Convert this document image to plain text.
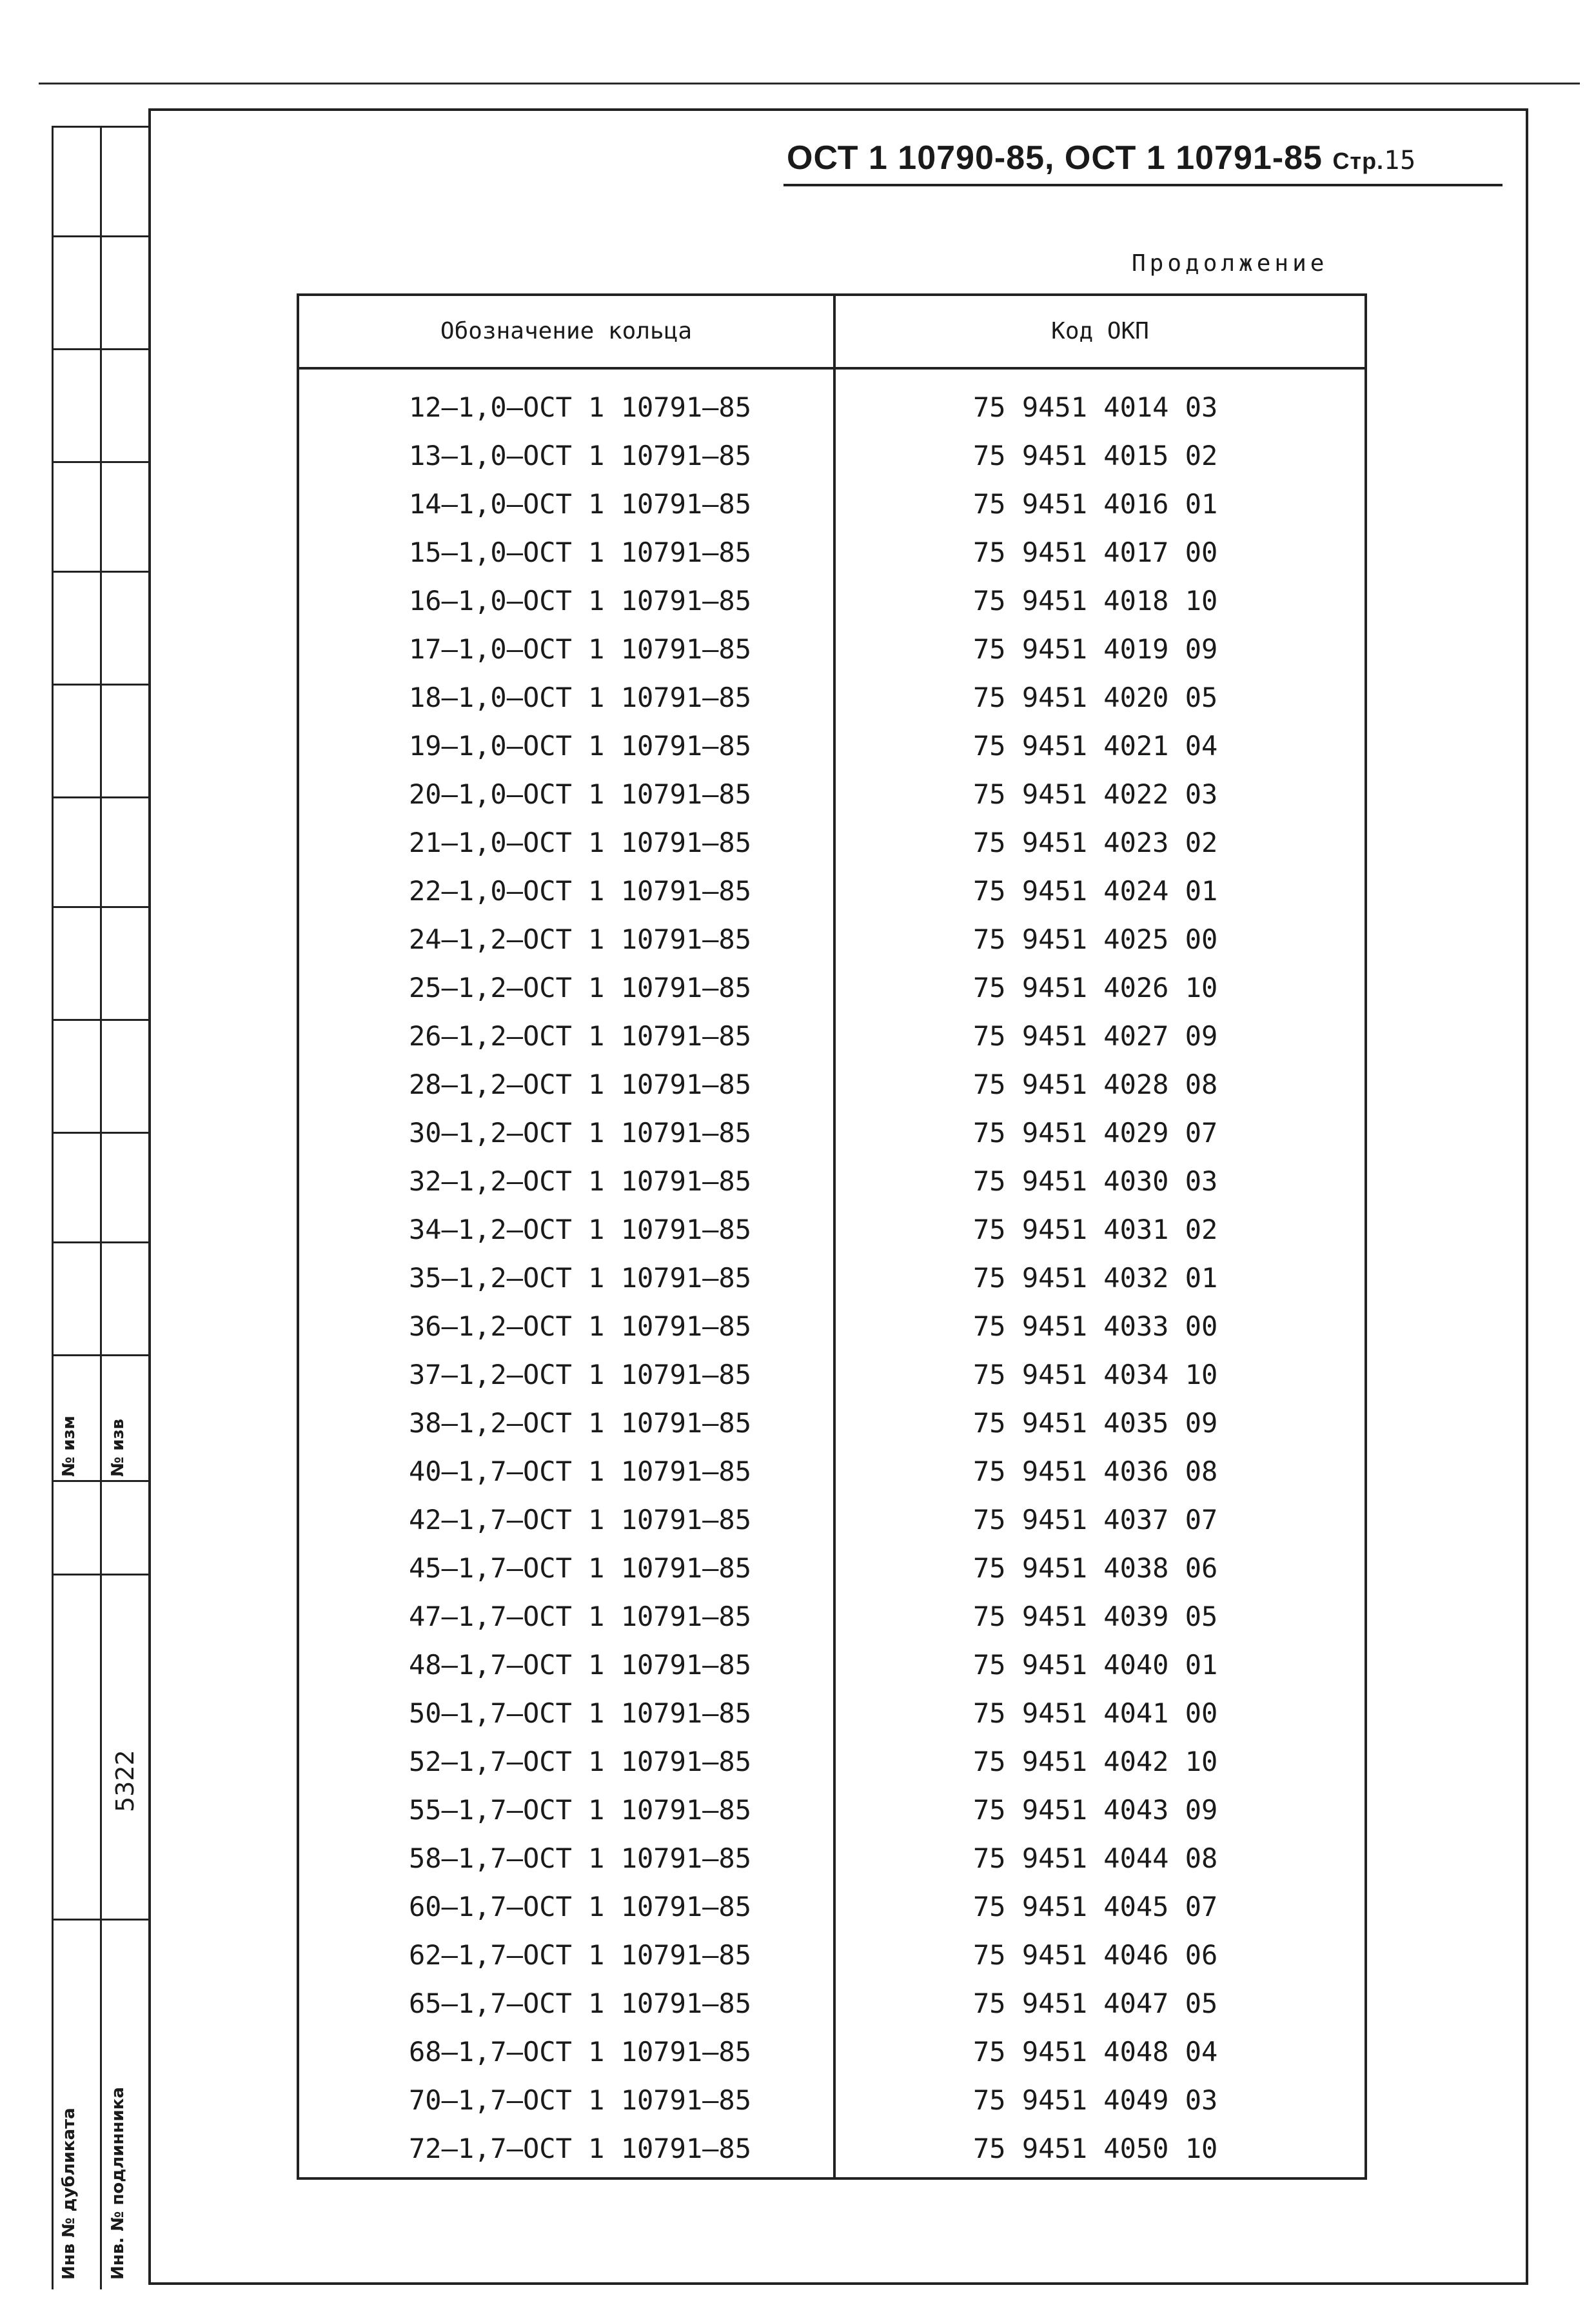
№ изм № изв
5322
Инв № дубликата Инв. № подлинника
ОСТ 1 10790-85, ОСТ 1 10791-85 Стр.15
Продолжение
Обозначение кольца	Код ОКП
12–1,0–ОСТ 1 10791–85	75 9451 4014 03
13–1,0–ОСТ 1 10791–85	75 9451 4015 02
14–1,0–ОСТ 1 10791–85	75 9451 4016 01
15–1,0–ОСТ 1 10791–85	75 9451 4017 00
16–1,0–ОСТ 1 10791–85	75 9451 4018 10
17–1,0–ОСТ 1 10791–85	75 9451 4019 09
18–1,0–ОСТ 1 10791–85	75 9451 4020 05
19–1,0–ОСТ 1 10791–85	75 9451 4021 04
20–1,0–ОСТ 1 10791–85	75 9451 4022 03
21–1,0–ОСТ 1 10791–85	75 9451 4023 02
22–1,0–ОСТ 1 10791–85	75 9451 4024 01
24–1,2–ОСТ 1 10791–85	75 9451 4025 00
25–1,2–ОСТ 1 10791–85	75 9451 4026 10
26–1,2–ОСТ 1 10791–85	75 9451 4027 09
28–1,2–ОСТ 1 10791–85	75 9451 4028 08
30–1,2–ОСТ 1 10791–85	75 9451 4029 07
32–1,2–ОСТ 1 10791–85	75 9451 4030 03
34–1,2–ОСТ 1 10791–85	75 9451 4031 02
35–1,2–ОСТ 1 10791–85	75 9451 4032 01
36–1,2–ОСТ 1 10791–85	75 9451 4033 00
37–1,2–ОСТ 1 10791–85	75 9451 4034 10
38–1,2–ОСТ 1 10791–85	75 9451 4035 09
40–1,7–ОСТ 1 10791–85	75 9451 4036 08
42–1,7–ОСТ 1 10791–85	75 9451 4037 07
45–1,7–ОСТ 1 10791–85	75 9451 4038 06
47–1,7–ОСТ 1 10791–85	75 9451 4039 05
48–1,7–ОСТ 1 10791–85	75 9451 4040 01
50–1,7–ОСТ 1 10791–85	75 9451 4041 00
52–1,7–ОСТ 1 10791–85	75 9451 4042 10
55–1,7–ОСТ 1 10791–85	75 9451 4043 09
58–1,7–ОСТ 1 10791–85	75 9451 4044 08
60–1,7–ОСТ 1 10791–85	75 9451 4045 07
62–1,7–ОСТ 1 10791–85	75 9451 4046 06
65–1,7–ОСТ 1 10791–85	75 9451 4047 05
68–1,7–ОСТ 1 10791–85	75 9451 4048 04
70–1,7–ОСТ 1 10791–85	75 9451 4049 03
72–1,7–ОСТ 1 10791–85	75 9451 4050 10
